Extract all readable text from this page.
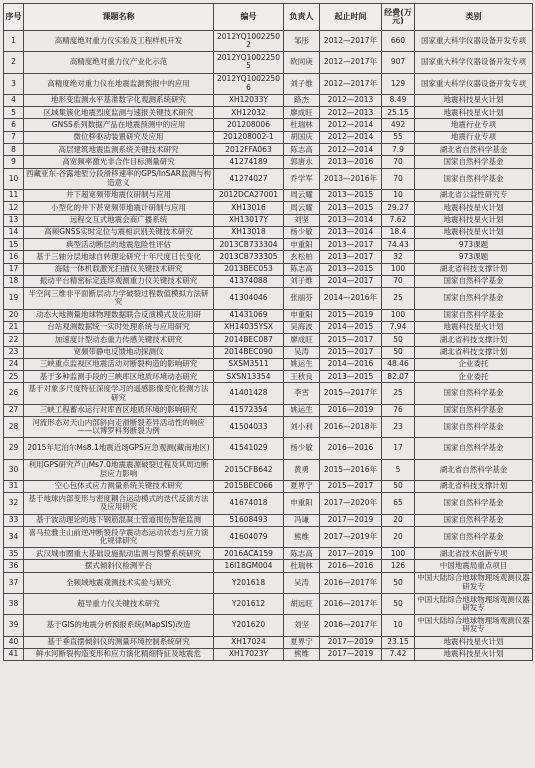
序号	课题名称	编号	负责人	起止时间	经费(万元)	类别
1	高精度绝对重力仪实验及工程样机开发	2012YQ10022502	邹彤	2012—2017年	660	国家重大科学仪器设备开发专项
2	高精度绝对重力仪产业化示范	2012YQ10022505	欧同庚	2012—2017年	907	国家重大科学仪器设备开发专项
3	高精度绝对重力仪在地震监测预报中的应用	2012YQ10022506	刘子维	2012—2017年	129	国家重大科学仪器设备开发专项
4	地形变监测水平基准数字化观测系统研究	XH12033Y	路杰	2012—2013	8.49	地震科技星火计划
5	区域集簇化地震烈度监测与速报关键技术研究	XH12032	廖成旺	2012—2013	25.15	地震科技星火计划
6	GNSS系列数据产品在地震预测中的应用	201208006	杜瑞林	2012—2014	492	地震行业专项
7	微位移驱动装置研究及应用	201208002-1	胡国庆	2012—2014	55	地震行业专项
8	高层建筑地震监测系统关键技术研究	2012FFA063	陈志高	2012—2014	7.9	湖北省自然科学基金
9	高宽频率激光非合作目标测量研究	41274189	郭唐永	2013—2016	70	国家自然科学基金
10	西藏亚东-谷露地堑分段滑移速率的GPS/InSAR监测与构造意义	41274027	乔学军	2013—2016年	70	国家自然科学基金
11	井下超宽频带地震仪研制与应用	2012DCA27001	周云耀	2013—2015	10	湖北省公益性研究专
12	小型化的井下甚宽频带地震计研制与应用	XH13016	周云耀	2013—2015	29.27	地震科技星火计划
13	远程交互式地震会商广播系统	XH13017Y	刘坚	2013—2014	7.62	地震科技星火计划
14	高频GNSS实时定位与震相识别关键技术研究	XH13018	杨少敏	2013—2014	18.4	地震科技星火计划
15	典型活动断层的地震危险性评估	2013CB733304	申重阳	2013—2017	74.43	973课题
16	基于三轴分层地球自转理论研究十年尺度日长变化	2013CB733305	玄松柏	2013—2017	32	973课题
17	海陆一体机载激光扫描仪关键技术研究	2013BEC053	陈志高	2013—2015	100	湖北省科技支撑计划
18	振动平台精密标定连续观测重力仪关键技术研究	41374088	刘子维	2014—2017	70	国家自然科学基金
19	半空间三维非平面断层动力学破裂过程数值模拟方法研究	41304046	张丽芬	2014—2016年	25	国家自然科学基金
20	动态大地测量地球物理数据联合反演模式及应用研	41431069	申重阳	2015—2019	100	国家自然科学基金
21	台站观测数据统一实时处理系统与应用研究	XH14035YSX	吴海波	2014—2015	7.94	地震科技星火计划
22	加速度计型动态重力传感关键技术研究	2014BEC087	廖成旺	2015—2017	50	湖北省科技支撑计划
23	宽频带静电反馈地动探测仪	2014BEC090	吴涛	2015—2017	50	湖北省科技支撑计划
24	三峡重点监视区地震活动对断裂构造的影响研究	SXSM3511	姚运生	2014—2016	48.46	企业委托
25	基于多种监测手段的三峡库区地质环境动态研究	SXSN13354	王秋良	2013—2015	82.07	企业委托
26	基于对象多尺度特征深度学习的遥感影像变化检测方法研究	41401428	李雪	2015—2017年	25	国家自然科学基金
27	三峡工程蓄水运行对库首区地质环境的影响研究	41572354	姚运生	2016—2019	76	国家自然科学基金
28	河流形态对天山内部斜向走滑断裂差异活动性的响应——以博罗科努断裂为例	41504033	刘小利	2016—2018年	23	国家自然科学基金
29	2015年尼泊尔Ms8.1地震近场GPS应急观测(藏南地区)	41541029	杨少敏	2016—2016	17	国家自然科学基金
30	利用GPS研究芦山Ms7.0地震震源破裂过程及其周边断层应力影响	2015CFB642	黄勇	2015—2016年	5	湖北省自然科学基金
31	空心包体式应力测量系统关键技术研究	2015BEC066	夏界宁	2015—2017	50	湖北省科技支撑计划
32	基于地球内部变形与密度耦合运动模式的迭代反演方法及应用研究	41674018	申重阳	2017—2020年	65	国家自然科学基金
33	基于波动理论的地下钢筋混凝土管道损伤智能监测	51608493	冯谦	2017—2019	20	国家自然科学基金
34	喜马拉雅主山前逆冲断裂段孕震动态运动状态与应力演化规律研究	41604079	熊维	2017—2019年	20	国家自然科学基金
35	武汉城市圈重大基础设施振动监测与预警系统研究	2016ACA159	陈志高	2017—2019	100	湖北省技术创新专项
36	摆式倾斜仪检测平台	16I18GM004	杜瑞林	2016—2016	126	中国地震局重点项目
37	全频域地震观测技术实验与研究	Y201618	吴涛	2016—2017年	50	中国大陆综合地球物理场观测仪器研发专
38	超导重力仪关键技术研究	Y201612	胡远旺	2016—2017年	50	中国大陆综合地球物理场观测仪器研发专
39	基于GIS的地震分析预报系统(MapSIS)改造	Y201620	刘坚	2016—2017年	10	中国大陆综合地球物理场观测仪器研发专
40	基于垂直摆倾斜仪的测量环境控制系统研究	XH17024	夏界宁	2017—2019	23.15	地震科技星火计划
41	鲜水河断裂构造变形和应力演化精细特征及地震危	XH17023Y	熊维	2017—2019	7.42	地震科技星火计划
